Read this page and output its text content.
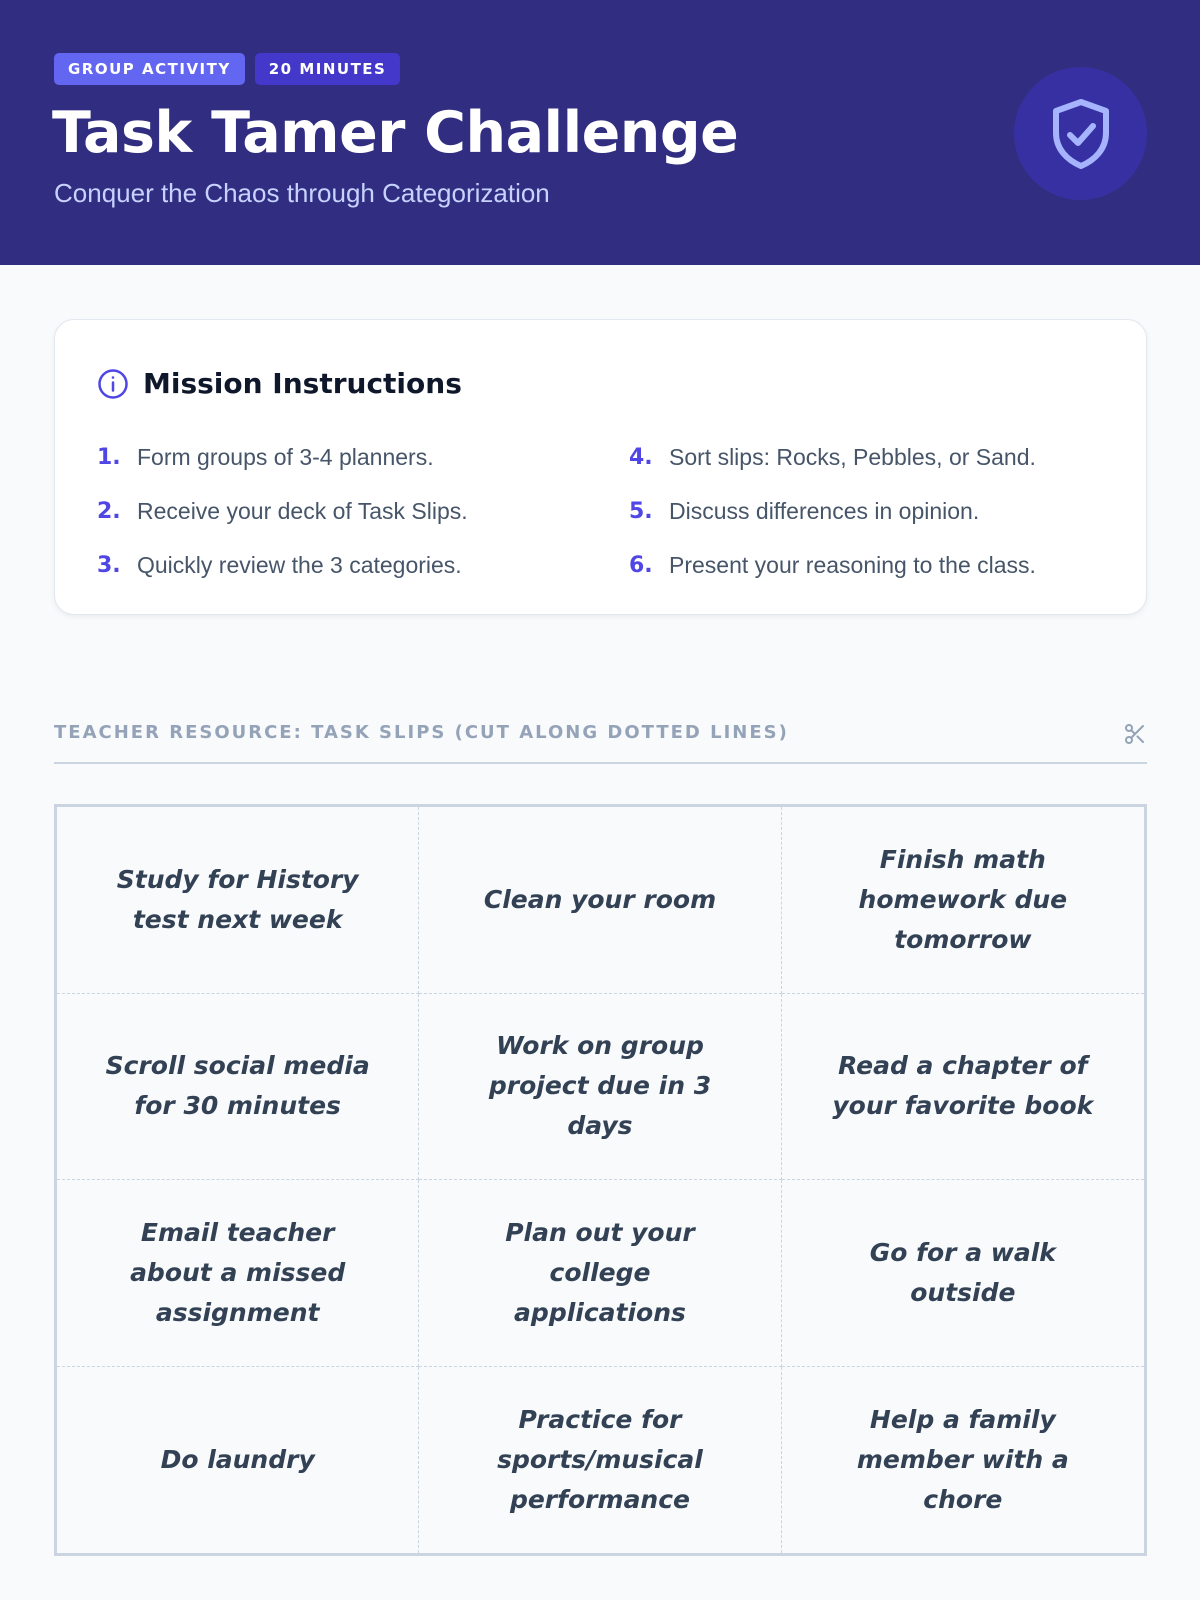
GROUP ACTIVITY	20 MINUTES
Task Tamer Challenge
Conquer the Chaos through Categorization
Mission Instructions
1. Form groups of 3-4 planners.
2. Receive your deck of Task Slips.
3. Quickly review the 3 categories.
4. Sort slips: Rocks, Pebbles, or Sand.
5. Discuss differences in opinion.
6. Present your reasoning to the class.
TEACHER RESOURCE: TASK SLIPS (CUT ALONG DOTTED LINES)
Study for History test next week
Clean your room
Finish math homework due tomorrow
Scroll social media for 30 minutes
Work on group project due in 3 days
Read a chapter of your favorite book
Email teacher about a missed assignment
Plan out your college applications
Go for a walk outside
Do laundry
Practice for sports/musical performance
Help a family member with a chore
